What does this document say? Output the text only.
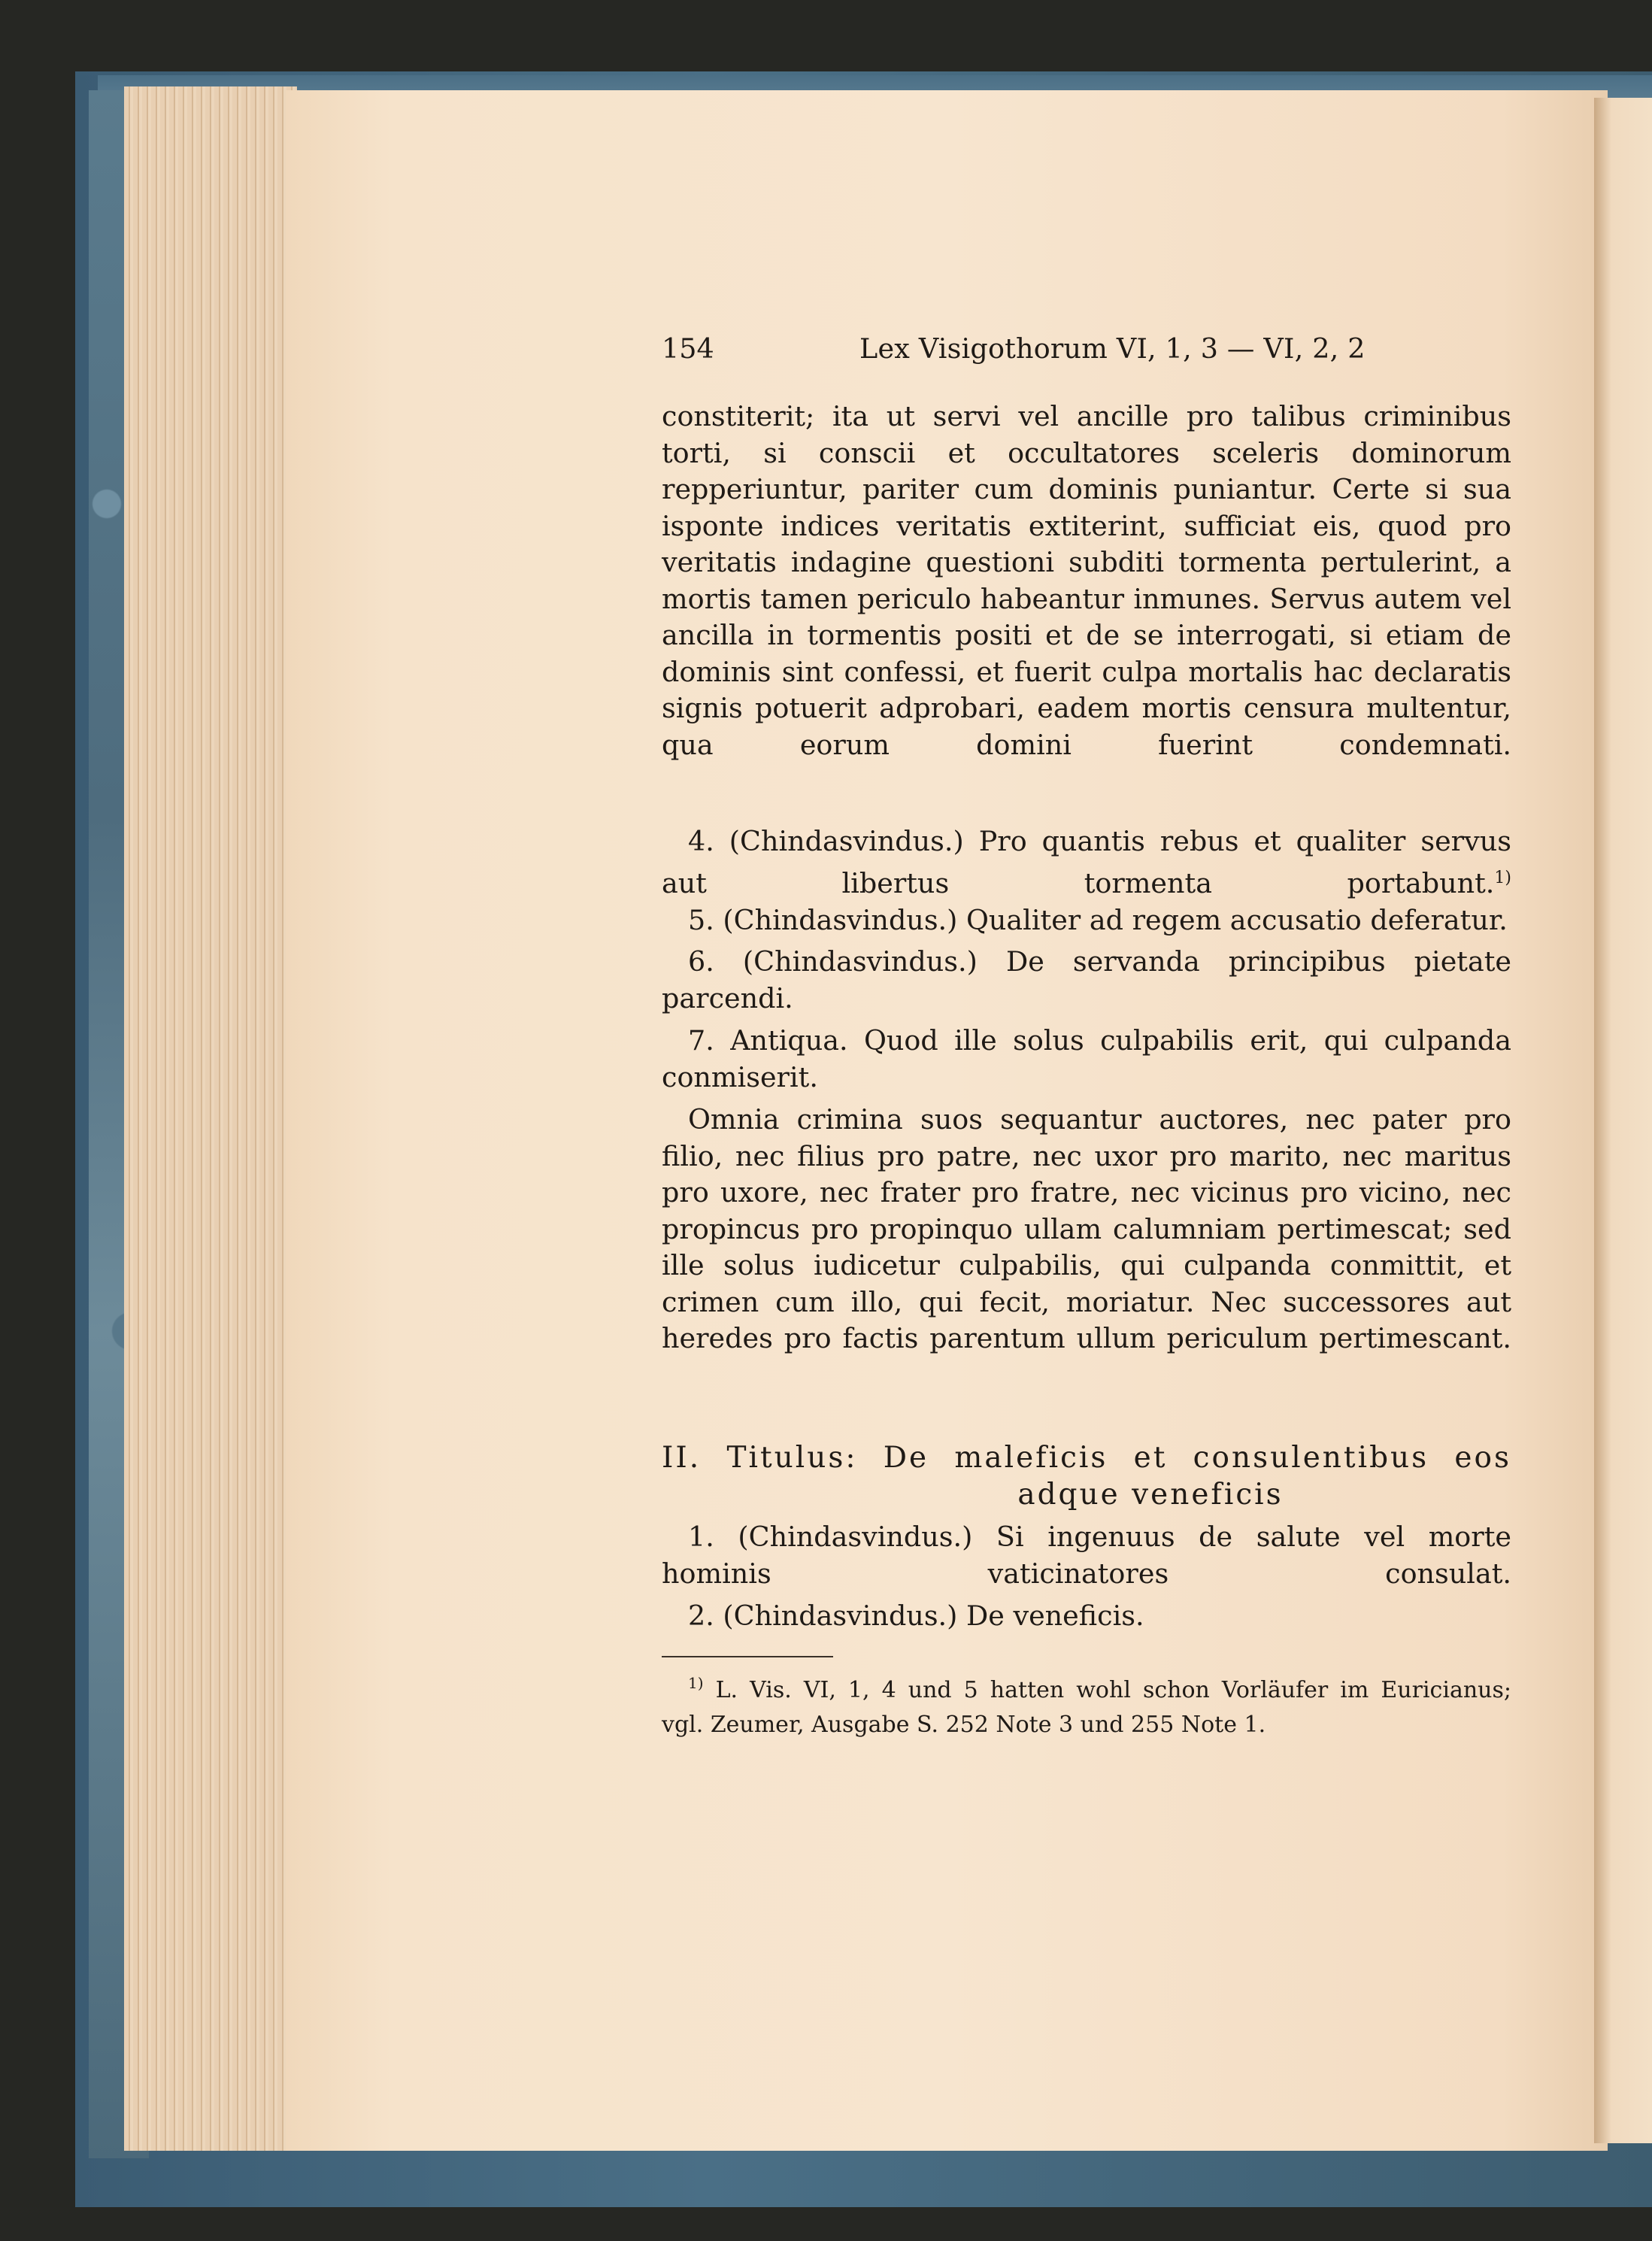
154	Lex Visigothorum VI, 1, 3 — VI, 2, 2

constiterit; ita ut servi vel ancille pro talibus criminibus torti, si conscii et occultatores sceleris dominorum repperiuntur, pariter cum dominis puniantur. Certe si sua isponte indices veritatis extiterint, sufficiat eis, quod pro veritatis indagine questioni subditi tormenta pertulerint, a mortis tamen periculo habeantur inmunes. Servus autem vel ancilla in tormentis positi et de se interrogati, si etiam de dominis sint confessi, et fuerit culpa mortalis hac declaratis signis potuerit adprobari, eadem mortis censura multentur, qua eorum domini fuerint condemnati.

4. (Chindasvindus.) Pro quantis rebus et qualiter servus aut libertus tormenta portabunt.$^{1)}$

5. (Chindasvindus.) Qualiter ad regem accusatio deferatur.

6. (Chindasvindus.) De servanda principibus pietate parcendi.

7. Antiqua. Quod ille solus culpabilis erit, qui culpanda conmiserit.

Omnia crimina suos sequantur auctores, nec pater pro filio, nec filius pro patre, nec uxor pro marito, nec maritus pro uxore, nec frater pro fratre, nec vicinus pro vicino, nec propincus pro propinquo ullam calumniam pertimescat; sed ille solus iudicetur culpabilis, qui culpanda conmittit, et crimen cum illo, qui fecit, moriatur. Nec successores aut heredes pro factis parentum ullum periculum pertimescant.

II. Titulus: De maleficis et consulentibus eos
adque veneficis

1. (Chindasvindus.) Si ingenuus de salute vel morte hominis vaticinatores consulat.

2. (Chindasvindus.) De veneficis.

$^{1)}$ L. Vis. VI, 1, 4 und 5 hatten wohl schon Vorläufer im Euricianus;
vgl. Zeumer, Ausgabe S. 252 Note 3 und 255 Note 1.
